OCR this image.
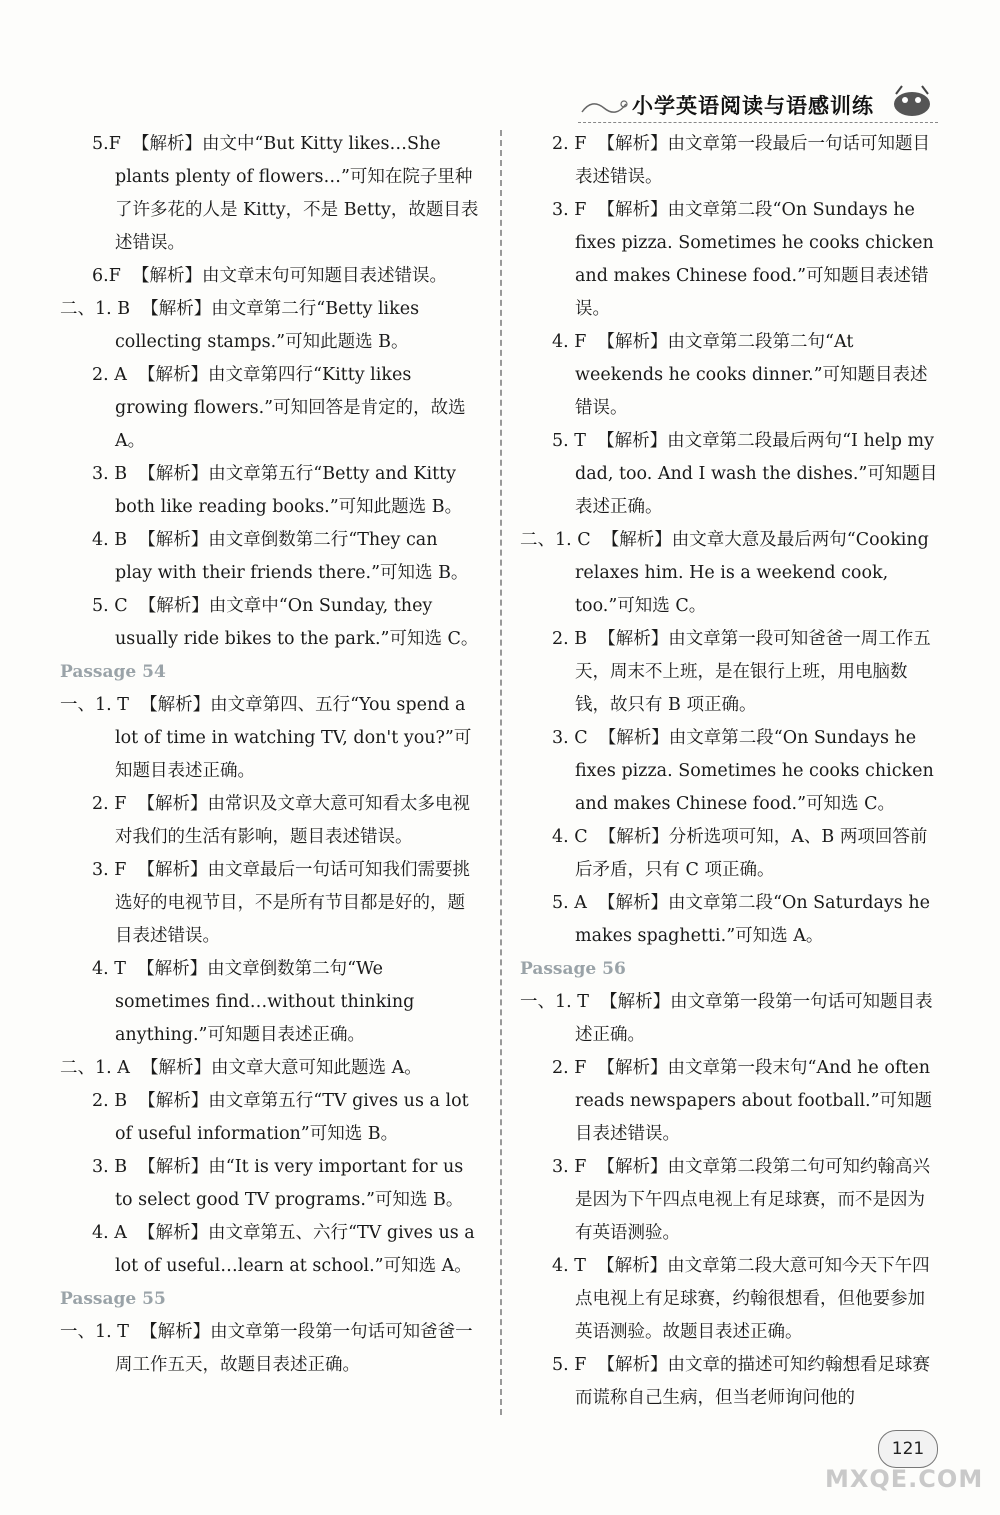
小学英语阅读与语感训练
5.F 【解析】由文中“But Kitty likes…She plants plenty of flowers…”可知在院子里种了许多花的人是 Kitty，不是 Betty，故题目表述错误。
6.F 【解析】由文章末句可知题目表述错误。
二、1. B 【解析】由文章第二行“Betty likes collecting stamps.”可知此题选 B。
2. A 【解析】由文章第四行“Kitty likes growing flowers.”可知回答是肯定的，故选 A。
3. B 【解析】由文章第五行“Betty and Kitty both like reading books.”可知此题选 B。
4. B 【解析】由文章倒数第二行“They can play with their friends there.”可知选 B。
5. C 【解析】由文章中“On Sunday, they usually ride bikes to the park.”可知选 C。
Passage 54
一、1. T 【解析】由文章第四、五行“You spend a lot of time in watching TV, don't you?”可知题目表述正确。
2. F 【解析】由常识及文章大意可知看太多电视对我们的生活有影响，题目表述错误。
3. F 【解析】由文章最后一句话可知我们需要挑选好的电视节目，不是所有节目都是好的，题目表述错误。
4. T 【解析】由文章倒数第二句“We sometimes find…without thinking anything.”可知题目表述正确。
二、1. A 【解析】由文章大意可知此题选 A。
2. B 【解析】由文章第五行“TV gives us a lot of useful information”可知选 B。
3. B 【解析】由“It is very important for us to select good TV programs.”可知选 B。
4. A 【解析】由文章第五、六行“TV gives us a lot of useful…learn at school.”可知选 A。
Passage 55
一、1. T 【解析】由文章第一段第一句话可知爸爸一周工作五天，故题目表述正确。
2. F 【解析】由文章第一段最后一句话可知题目表述错误。
3. F 【解析】由文章第二段“On Sundays he fixes pizza. Sometimes he cooks chicken and makes Chinese food.”可知题目表述错误。
4. F 【解析】由文章第二段第二句“At weekends he cooks dinner.”可知题目表述错误。
5. T 【解析】由文章第二段最后两句“I help my dad, too. And I wash the dishes.”可知题目表述正确。
二、1. C 【解析】由文章大意及最后两句“Cooking relaxes him. He is a weekend cook, too.”可知选 C。
2. B 【解析】由文章第一段可知爸爸一周工作五天，周末不上班，是在银行上班，用电脑数钱，故只有 B 项正确。
3. C 【解析】由文章第二段“On Sundays he fixes pizza. Sometimes he cooks chicken and makes Chinese food.”可知选 C。
4. C 【解析】分析选项可知，A、B 两项回答前后矛盾，只有 C 项正确。
5. A 【解析】由文章第二段“On Saturdays he makes spaghetti.”可知选 A。
Passage 56
一、1. T 【解析】由文章第一段第一句话可知题目表述正确。
2. F 【解析】由文章第一段末句“And he often reads newspapers about football.”可知题目表述错误。
3. F 【解析】由文章第二段第二句可知约翰高兴是因为下午四点电视上有足球赛，而不是因为有英语测验。
4. T 【解析】由文章第二段大意可知今天下午四点电视上有足球赛，约翰很想看，但他要参加英语测验。故题目表述正确。
5. F 【解析】由文章的描述可知约翰想看足球赛而谎称自己生病，但当老师询问他的
121
MXQE.COM
